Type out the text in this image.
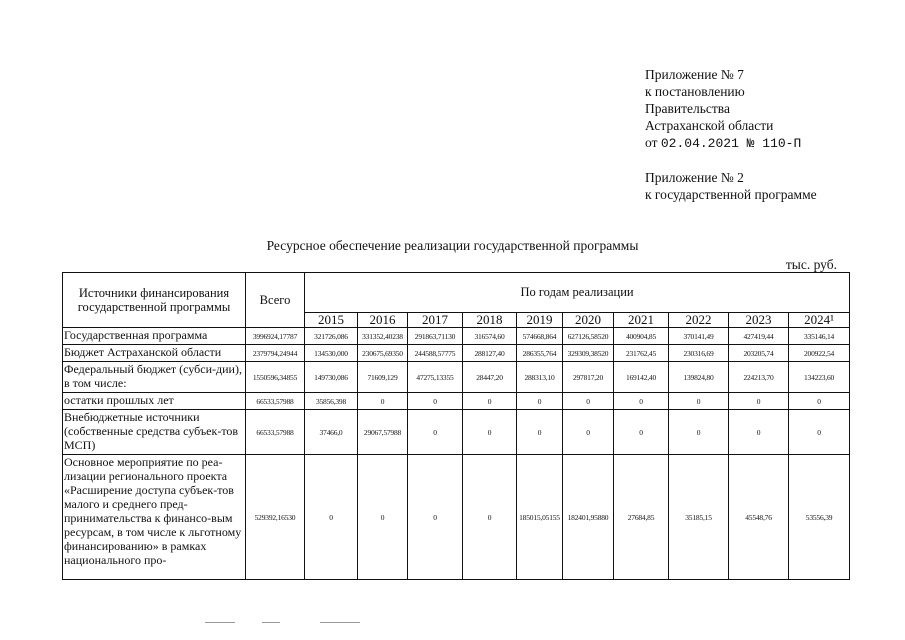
Приложение № 7
к постановлению
Правительства
Астраханской области
от 02.04.2021 № 110-П
Приложение № 2
к государственной программе
Ресурсное обеспечение реализации государственной программы
тыс. руб.
Источники финансирования государственной программы	Всего	По годам реализации									
		2015	2016	2017	2018	2019	2020	2021	2022	2023	2024¹
Государственная программа	3996924,17787	321726,086	331352,40238	291863,71130	316574,60	574668,864	627126,58520	400904,85	370141,49	427419,44	335146,14
Бюджет Астраханской области	2379794,24944	134530,000	230675,69350	244588,57775	288127,40	286355,764	329309,38520	231762,45	230316,69	203205,74	200922,54
Федеральный бюджет (субси-дии), в том числе:	1550596,34855	149730,086	71609,129	47275,13355	28447,20	288313,10	297817,20	169142,40	139824,80	224213,70	134223,60
остатки прошлых лет	66533,57988	35856,398	0	0	0	0	0	0	0	0	0
Внебюджетные источники (собственные средства субъек-тов МСП)	66533,57988	37466,0	29067,57988	0	0	0	0	0	0	0	0
Основное мероприятие по реа-лизации регионального проекта «Расширение доступа субъек-тов малого и среднего пред-принимательства к финансо-вым ресурсам, в том числе к льготному финансированию» в рамках национального про-	529392,16530	0	0	0	0	185015,05155	182401,95880	27684,85	35185,15	45548,76	53556,39
